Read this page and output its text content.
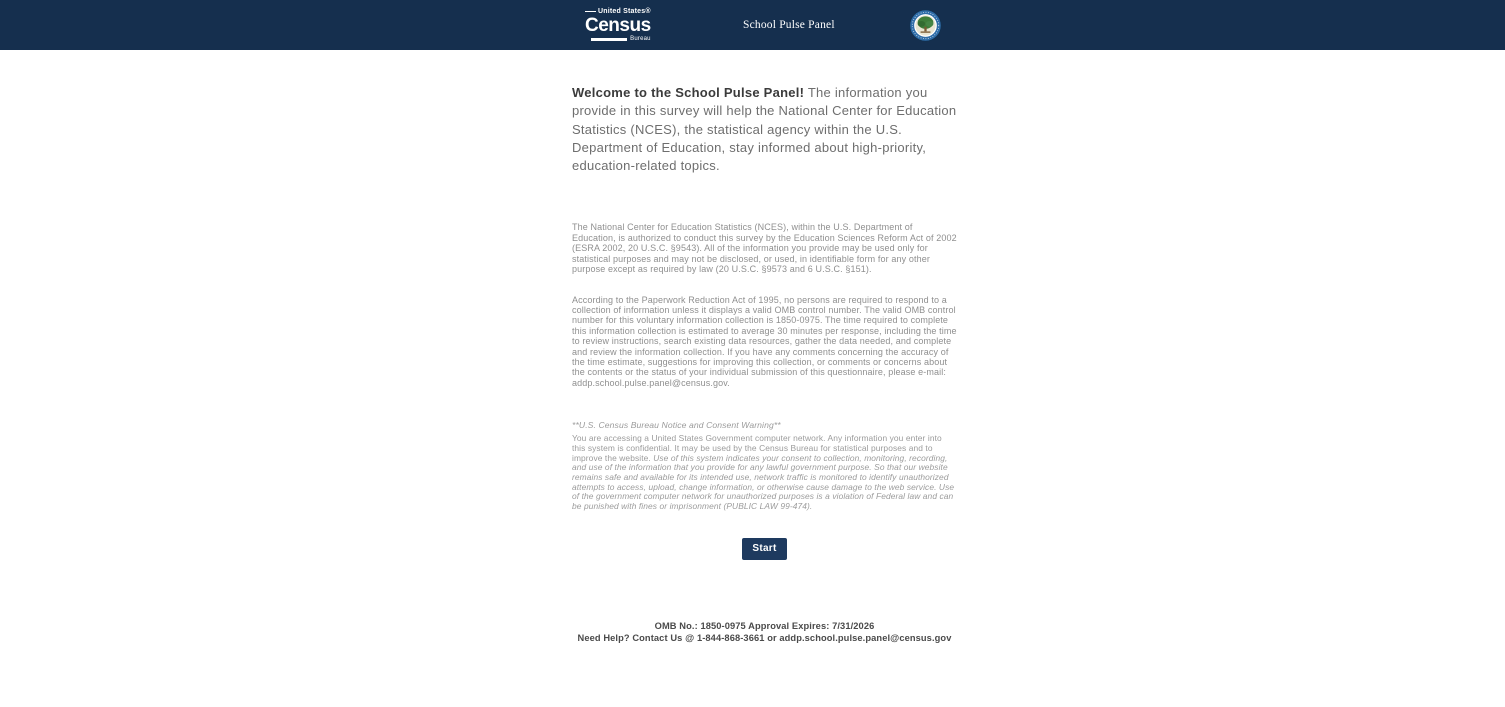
United States®
Census
Bureau
School Pulse Panel

Welcome to the School Pulse Panel! The information you provide in this survey will help the National Center for Education Statistics (NCES), the statistical agency within the U.S. Department of Education, stay informed about high-priority, education-related topics.

The National Center for Education Statistics (NCES), within the U.S. Department of Education, is authorized to conduct this survey by the Education Sciences Reform Act of 2002 (ESRA 2002, 20 U.S.C. §9543). All of the information you provide may be used only for statistical purposes and may not be disclosed, or used, in identifiable form for any other purpose except as required by law (20 U.S.C. §9573 and 6 U.S.C. §151).

According to the Paperwork Reduction Act of 1995, no persons are required to respond to a collection of information unless it displays a valid OMB control number. The valid OMB control number for this voluntary information collection is 1850-0975. The time required to complete this information collection is estimated to average 30 minutes per response, including the time to review instructions, search existing data resources, gather the data needed, and complete and review the information collection. If you have any comments concerning the accuracy of the time estimate, suggestions for improving this collection, or comments or concerns about the contents or the status of your individual submission of this questionnaire, please e-mail: addp.school.pulse.panel@census.gov.

**U.S. Census Bureau Notice and Consent Warning**

You are accessing a United States Government computer network. Any information you enter into this system is confidential. It may be used by the Census Bureau for statistical purposes and to improve the website. Use of this system indicates your consent to collection, monitoring, recording, and use of the information that you provide for any lawful government purpose. So that our website remains safe and available for its intended use, network traffic is monitored to identify unauthorized attempts to access, upload, change information, or otherwise cause damage to the web service. Use of the government computer network for unauthorized purposes is a violation of Federal law and can be punished with fines or imprisonment (PUBLIC LAW 99-474).

Start
OMB No.: 1850-0975 Approval Expires: 7/31/2026
Need Help? Contact Us @ 1-844-868-3661 or addp.school.pulse.panel@census.gov
